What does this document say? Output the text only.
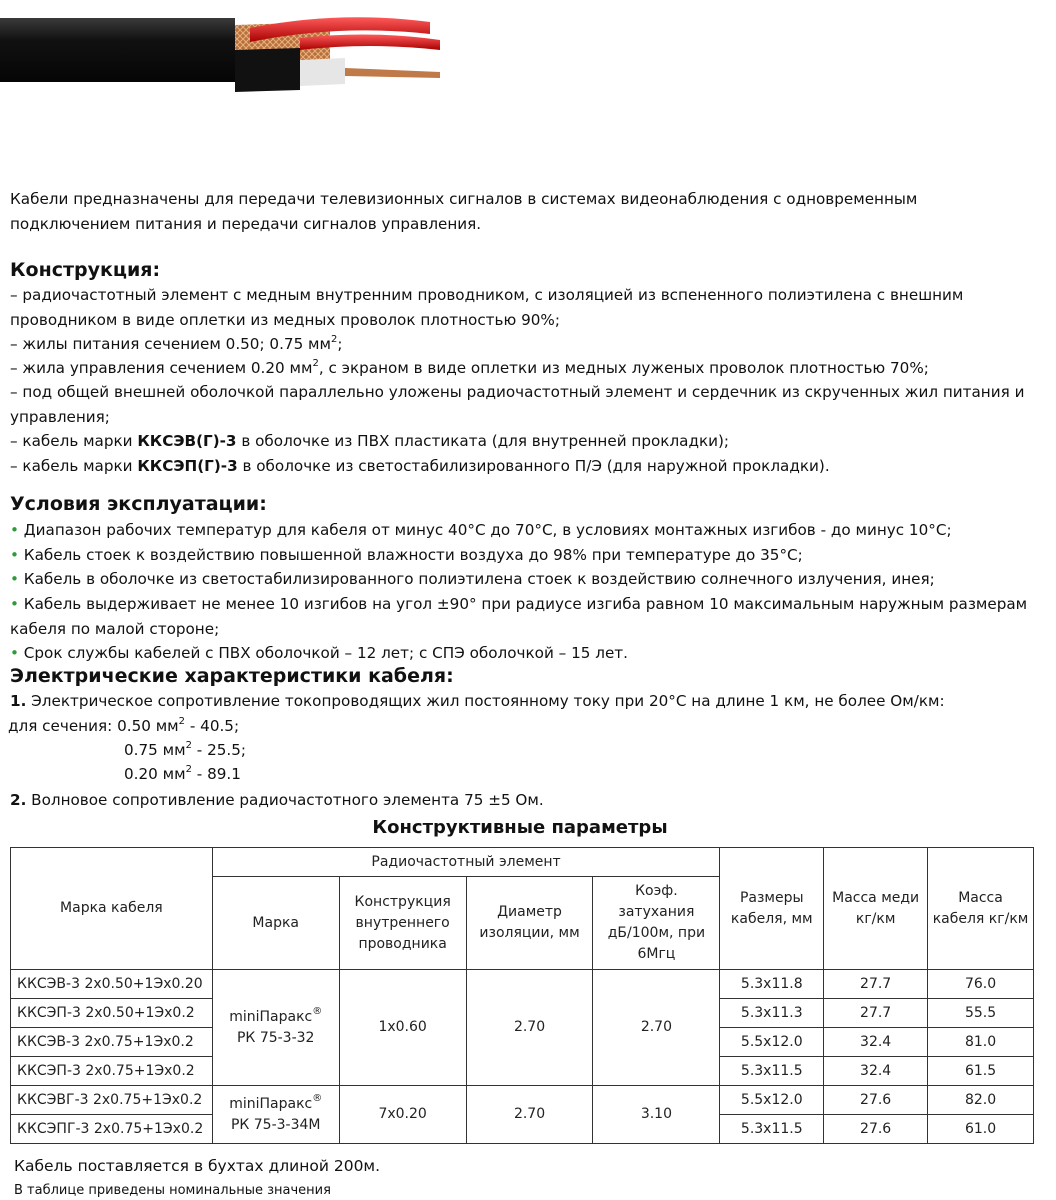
Кабели предназначены для передачи телевизионных сигналов в системах видеонаблюдения с одновременным подключением питания и передачи сигналов управления.

Конструкция:

– радиочастотный элемент с медным внутренним проводником, с изоляцией из вспененного полиэтилена с внешним проводником в виде оплетки из медных проволок плотностью 90%;

– жилы питания сечением 0.50; 0.75 $мм^2$;

– жила управления сечением 0.20 $мм^2$, с экраном в виде оплетки из медных луженых проволок плотностью 70%;

– под общей внешней оболочкой параллельно уложены радиочастотный элемент и сердечник из скрученных жил питания и управления;

– кабель марки ККСЭВ(Г)-3 в оболочке из ПВХ пластиката (для внутренней прокладки);

– кабель марки ККСЭП(Г)-3 в оболочке из светостабилизированного П/Э (для наружной прокладки).

Условия эксплуатации:

• Диапазон рабочих температур для кабеля от минус 40°С до 70°С, в условиях монтажных изгибов - до минус 10°С;

• Кабель стоек к воздействию повышенной влажности воздуха до 98% при температуре до 35°С;

• Кабель в оболочке из светостабилизированного полиэтилена стоек к воздействию солнечного излучения, инея;

• Кабель выдерживает не менее 10 изгибов на угол ±90° при радиусе изгиба равном 10 максимальным наружным размерам кабеля по малой стороне;

• Срок службы кабелей с ПВХ оболочкой – 12 лет; с СПЭ оболочкой – 15 лет.

Электрические характеристики кабеля:

1. Электрическое сопротивление токопроводящих жил постоянному току при 20°С на длине 1 км, не более Ом/км:

для сечения: 0.50 $мм^2 - 40.5$;

0.75 $мм^2 - 25.5$;

0.20 $мм^2 - 89.1$

2. Волновое сопротивление радиочастотного элемента 75 ±5 Ом.

Конструктивные параметры
Марка кабеля	Радиочастотный элемент				Размеры кабеля, мм	Масса меди кг/км	Масса кабеля кг/км
	Марка	Конструкция внутреннего проводника	Диаметр изоляции, мм	Коэф. затухания дБ/100м, при 6Мгц			
ККСЭВ-3 2х0.50+1Эх0.20	miniПаракс®
РК 75-3-32	1х0.60	2.70	2.70	5.3х11.8	27.7	76.0
ККСЭП-3 2х0.50+1Эх0.2					5.3х11.3	27.7	55.5
ККСЭВ-3 2х0.75+1Эх0.2					5.5х12.0	32.4	81.0
ККСЭП-3 2х0.75+1Эх0.2					5.3х11.5	32.4	61.5
ККСЭВГ-3 2х0.75+1Эх0.2	miniПаракс®
РК 75-3-34М	7х0.20	2.70	3.10	5.5х12.0	27.6	82.0
ККСЭПГ-3 2х0.75+1Эх0.2					5.3х11.5	27.6	61.0
Кабель поставляется в бухтах длиной 200м.
В таблице приведены номинальные значения
